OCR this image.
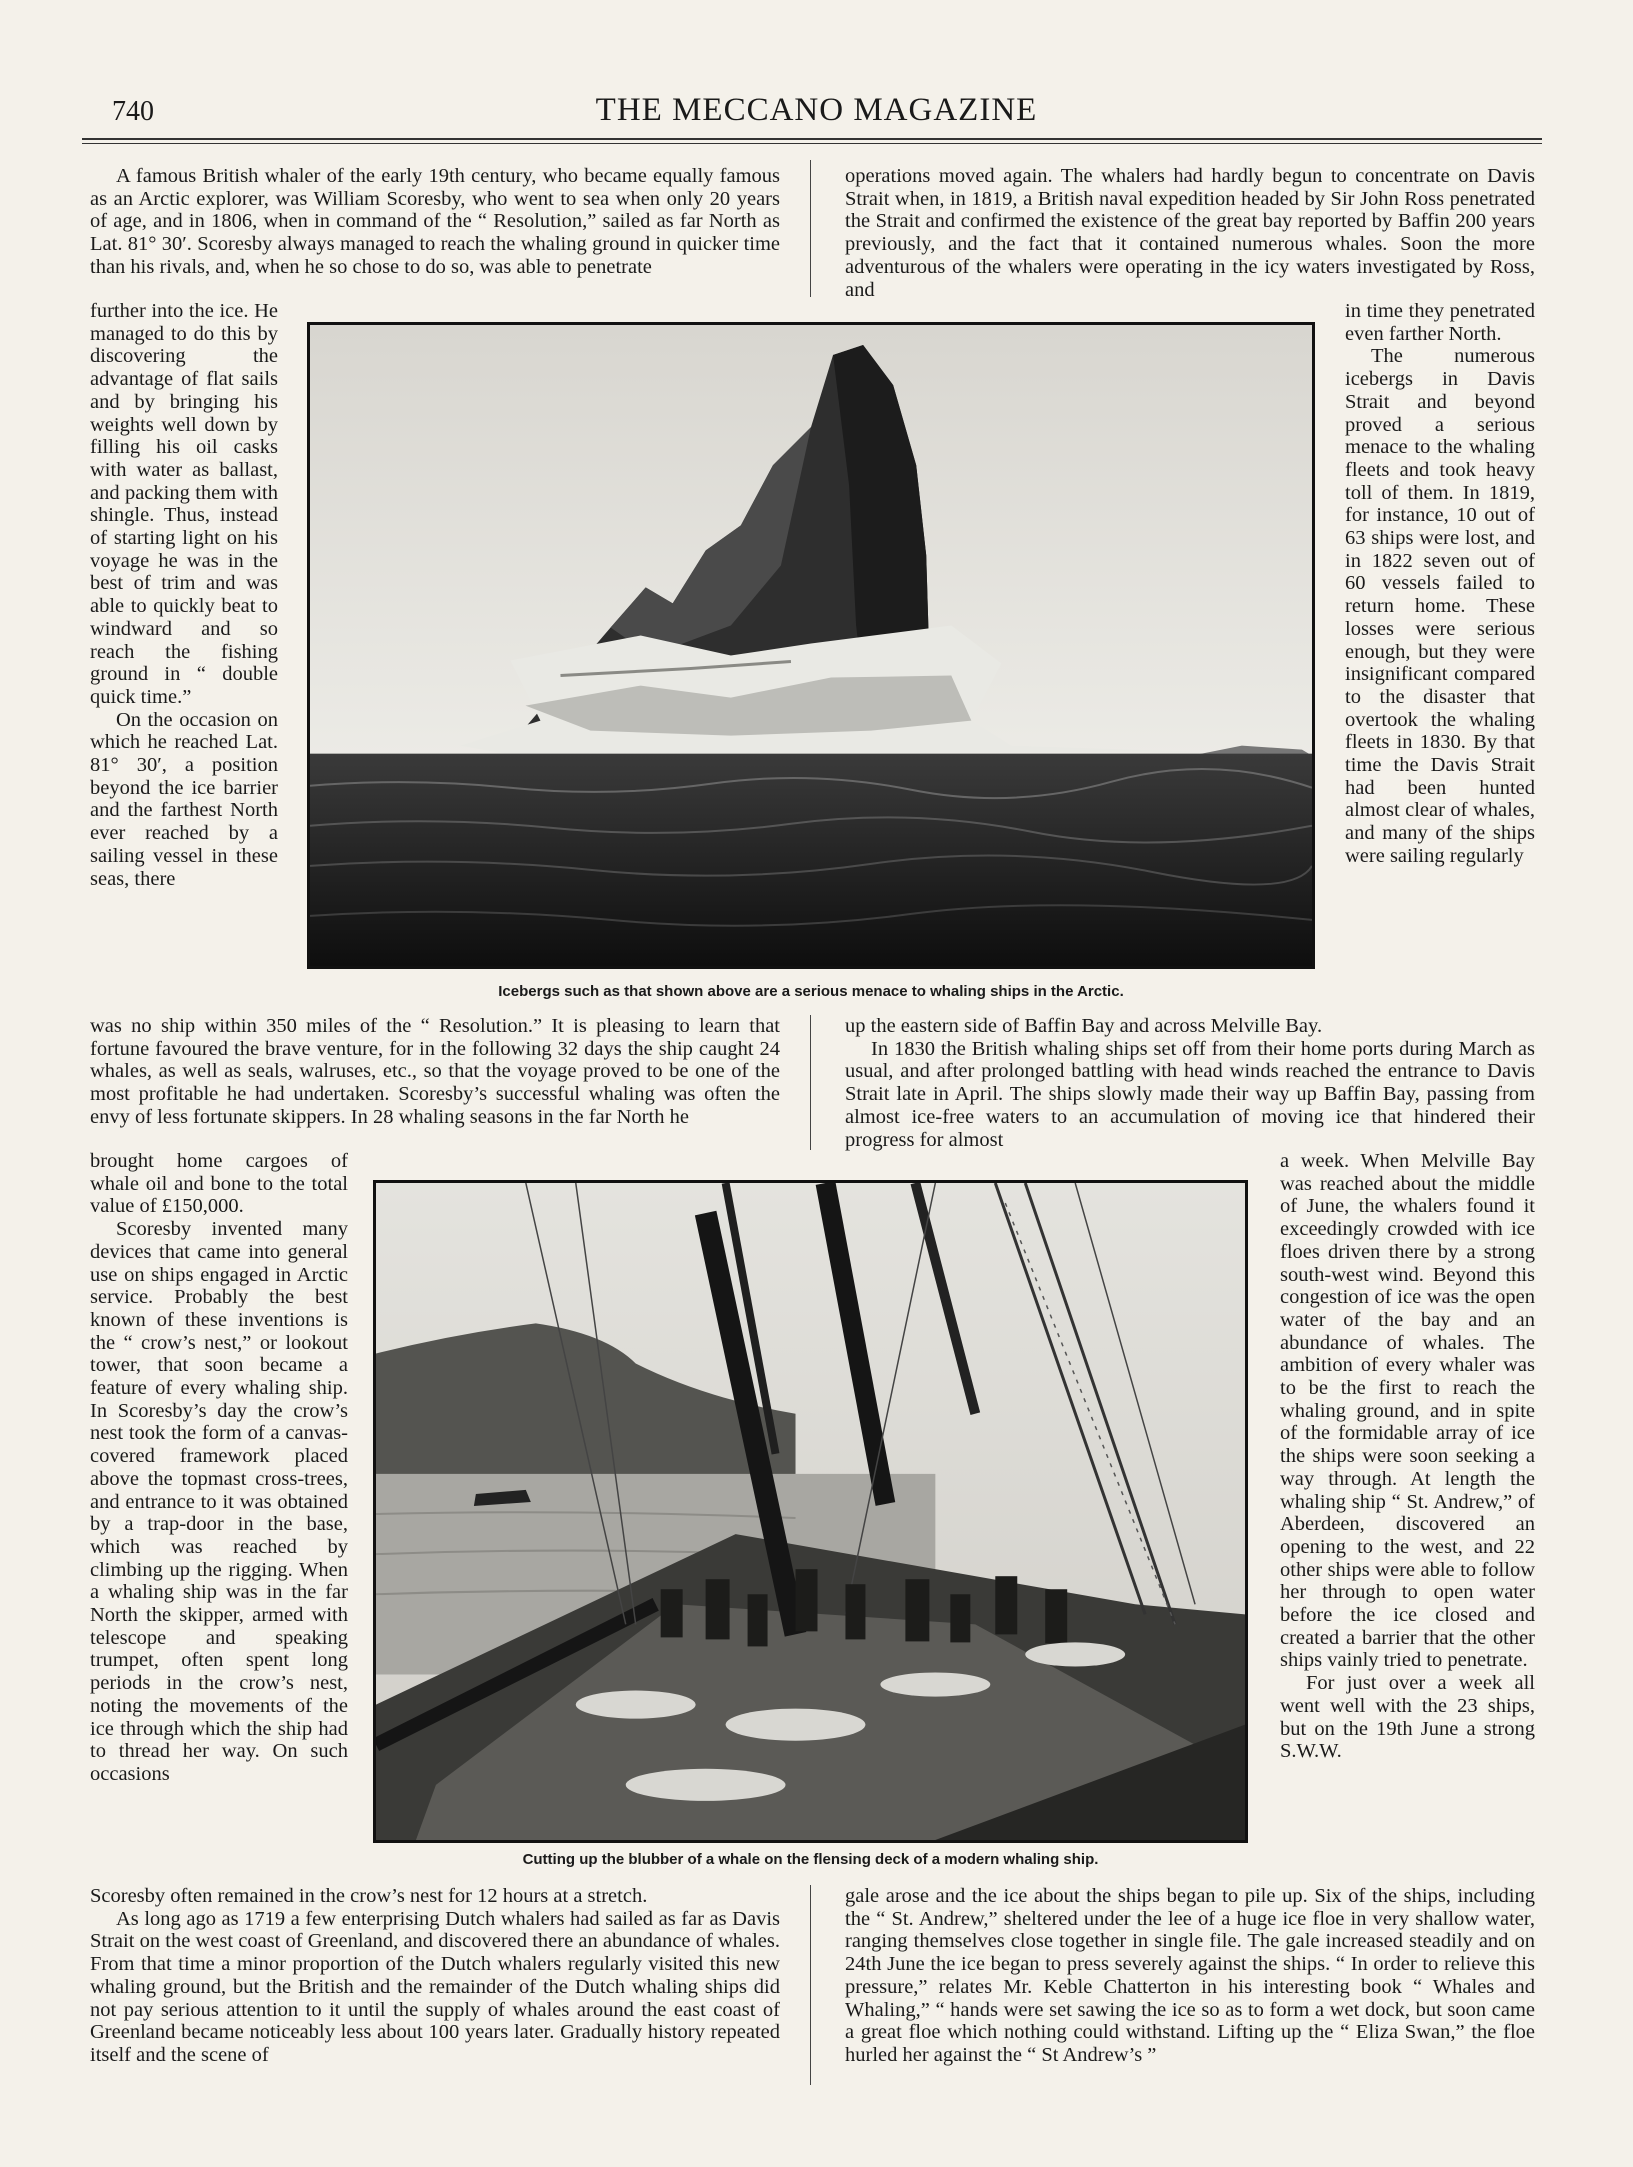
740	THE MECCANO MAGAZINE

A famous British whaler of the early 19th century, who became equally famous as an Arctic explorer, was William Scoresby, who went to sea when only 20 years of age, and in 1806, when in command of the “ Resolution,” sailed as far North as Lat. 81° 30′. Scoresby always managed to reach the whaling ground in quicker time than his rivals, and, when he so chose to do so, was able to penetrate

further into the ice. He managed to do this by discovering the advantage of flat sails and by bringing his weights well down by filling his oil casks with water as ballast, and packing them with shingle. Thus, instead of starting light on his voyage he was in the best of trim and was able to quickly beat to windward and so reach the fishing ground in “ double quick time.”

On the occasion on which he reached Lat. 81° 30′, a position beyond the ice barrier and the farthest North ever reached by a sailing vessel in these seas, there

was no ship within 350 miles of the “ Resolution.” It is pleasing to learn that fortune favoured the brave venture, for in the following 32 days the ship caught 24 whales, as well as seals, walruses, etc., so that the voyage proved to be one of the most profitable he had undertaken. Scoresby’s successful whaling was often the envy of less fortunate skippers. In 28 whaling seasons in the far North he

brought home cargoes of whale oil and bone to the total value of £150,000.

Scoresby invented many devices that came into general use on ships engaged in Arctic service. Probably the best known of these inventions is the “ crow’s nest,” or lookout tower, that soon became a feature of every whaling ship. In Scoresby’s day the crow’s nest took the form of a canvas-covered framework placed above the topmast cross-trees, and entrance to it was obtained by a trap-door in the base, which was reached by climbing up the rigging. When a whaling ship was in the far North the skipper, armed with telescope and speaking trumpet, often spent long periods in the crow’s nest, noting the movements of the ice through which the ship had to thread her way. On such occasions

Scoresby often remained in the crow’s nest for 12 hours at a stretch.

As long ago as 1719 a few enterprising Dutch whalers had sailed as far as Davis Strait on the west coast of Greenland, and discovered there an abundance of whales. From that time a minor proportion of the Dutch whalers regularly visited this new whaling ground, but the British and the remainder of the Dutch whaling ships did not pay serious attention to it until the supply of whales around the east coast of Greenland became noticeably less about 100 years later. Gradually history repeated itself and the scene of

operations moved again. The whalers had hardly begun to concentrate on Davis Strait when, in 1819, a British naval expedition headed by Sir John Ross penetrated the Strait and confirmed the existence of the great bay reported by Baffin 200 years previously, and the fact that it contained numerous whales. Soon the more adventurous of the whalers were operating in the icy waters investigated by Ross, and

in time they penetrated even farther North.

The numerous icebergs in Davis Strait and beyond proved a serious menace to the whaling fleets and took heavy toll of them. In 1819, for instance, 10 out of 63 ships were lost, and in 1822 seven out of 60 vessels failed to return home. These losses were serious enough, but they were insignificant compared to the disaster that overtook the whaling fleets in 1830. By that time the Davis Strait had been hunted almost clear of whales, and many of the ships were sailing regularly

up the eastern side of Baffin Bay and across Melville Bay.

In 1830 the British whaling ships set off from their home ports during March as usual, and after prolonged battling with head winds reached the entrance to Davis Strait late in April. The ships slowly made their way up Baffin Bay, passing from almost ice-free waters to an accumulation of moving ice that hindered their progress for almost

a week. When Melville Bay was reached about the middle of June, the whalers found it exceedingly crowded with ice floes driven there by a strong south-west wind. Beyond this congestion of ice was the open water of the bay and an abundance of whales. The ambition of every whaler was to be the first to reach the whaling ground, and in spite of the formidable array of ice the ships were soon seeking a way through. At length the whaling ship “ St. Andrew,” of Aberdeen, discovered an opening to the west, and 22 other ships were able to follow her through to open water before the ice closed and created a barrier that the other ships vainly tried to penetrate.

For just over a week all went well with the 23 ships, but on the 19th June a strong S.W.W.

gale arose and the ice about the ships began to pile up. Six of the ships, including the “ St. Andrew,” sheltered under the lee of a huge ice floe in very shallow water, ranging themselves close together in single file. The gale increased steadily and on 24th June the ice began to press severely against the ships. “ In order to relieve this pressure,” relates Mr. Keble Chatterton in his interesting book “ Whales and Whaling,” “ hands were set sawing the ice so as to form a wet dock, but soon came a great floe which nothing could withstand. Lifting up the “ Eliza Swan,” the floe hurled her against the “ St Andrew’s ”

Icebergs such as that shown above are a serious menace to whaling ships in the Arctic.
Cutting up the blubber of a whale on the flensing deck of a modern whaling ship.
